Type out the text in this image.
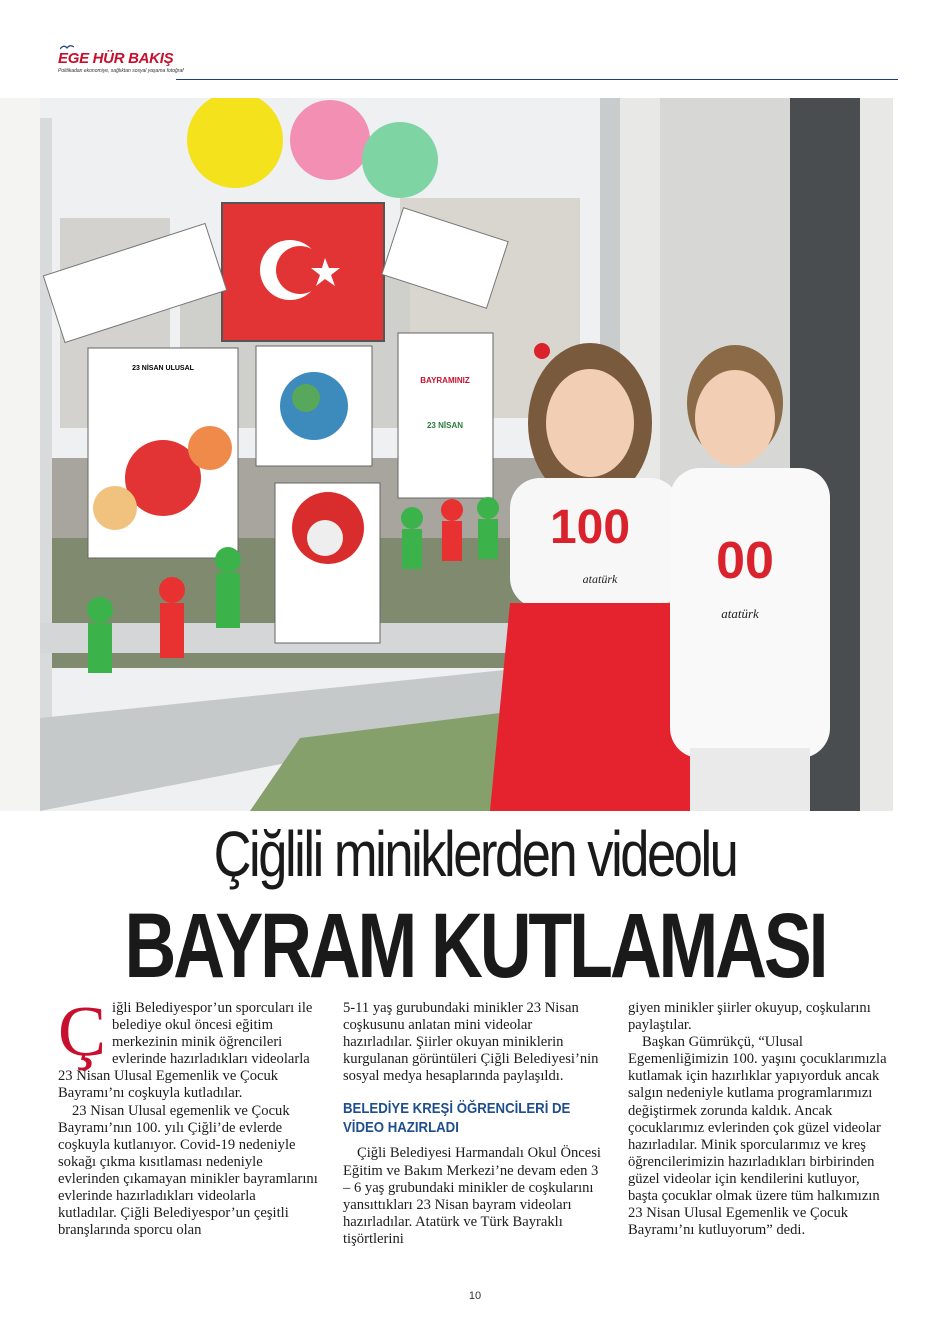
EGE HÜR BAKIŞ
Politikadan ekonomiye, sağlıktan sosyal yaşama fotoğraf
23 NİSAN ULUSAL
BAYRAMINIZ
23 NİSAN
100
atatürk 00
atatürk
Çiğlili miniklerden videolu
BAYRAM KUTLAMASI
Ç iğli Belediyespor’un sporcuları ile belediye okul öncesi eğitim merkezinin minik öğrencileri evlerinde hazırladıkları videolarla 23 Nisan Ulusal Egemenlik ve Çocuk Bayramı’nı coşkuyla kutladılar.

23 Nisan Ulusal egemenlik ve Çocuk Bayramı’nın 100. yılı Çiğli’de evlerde coşkuyla kutlanıyor. Covid-19 nedeniyle sokağı çıkma kısıtlaması nedeniyle evlerinden çıkamayan minikler bayramlarını evlerinde hazırladıkları videolarla kutladılar. Çiğli Belediyespor’un çeşitli branşlarında sporcu olan

5-11 yaş gurubundaki minikler 23 Nisan coşkusunu anlatan mini videolar hazırladılar. Şiirler okuyan miniklerin kurgulanan görüntüleri Çiğli Belediyesi’nin sosyal medya hesaplarında paylaşıldı.

BELEDİYE KREŞİ ÖĞRENCİLERİ DE VİDEO HAZIRLADI

Çiğli Belediyesi Harmandalı Okul Öncesi Eğitim ve Bakım Merkezi’ne devam eden 3 – 6 yaş grubundaki minikler de coşkularını yansıttıkları 23 Nisan bayram videoları hazırladılar. Atatürk ve Türk Bayraklı tişörtlerini

giyen minikler şiirler okuyup, coşkularını paylaştılar.

Başkan Gümrükçü, “Ulusal Egemenliğimizin 100. yaşını çocuklarımızla kutlamak için hazırlıklar yapıyorduk ancak salgın nedeniyle kutlama programlarımızı değiştirmek zorunda kaldık. Ancak çocuklarımız evlerinden çok güzel videolar hazırladılar. Minik sporcularımız ve kreş öğrencilerimizin hazırladıkları birbirinden güzel videolar için kendilerini kutluyor, başta çocuklar olmak üzere tüm halkımızın 23 Nisan Ulusal Egemenlik ve Çocuk Bayramı’nı kutluyorum” dedi.

10
